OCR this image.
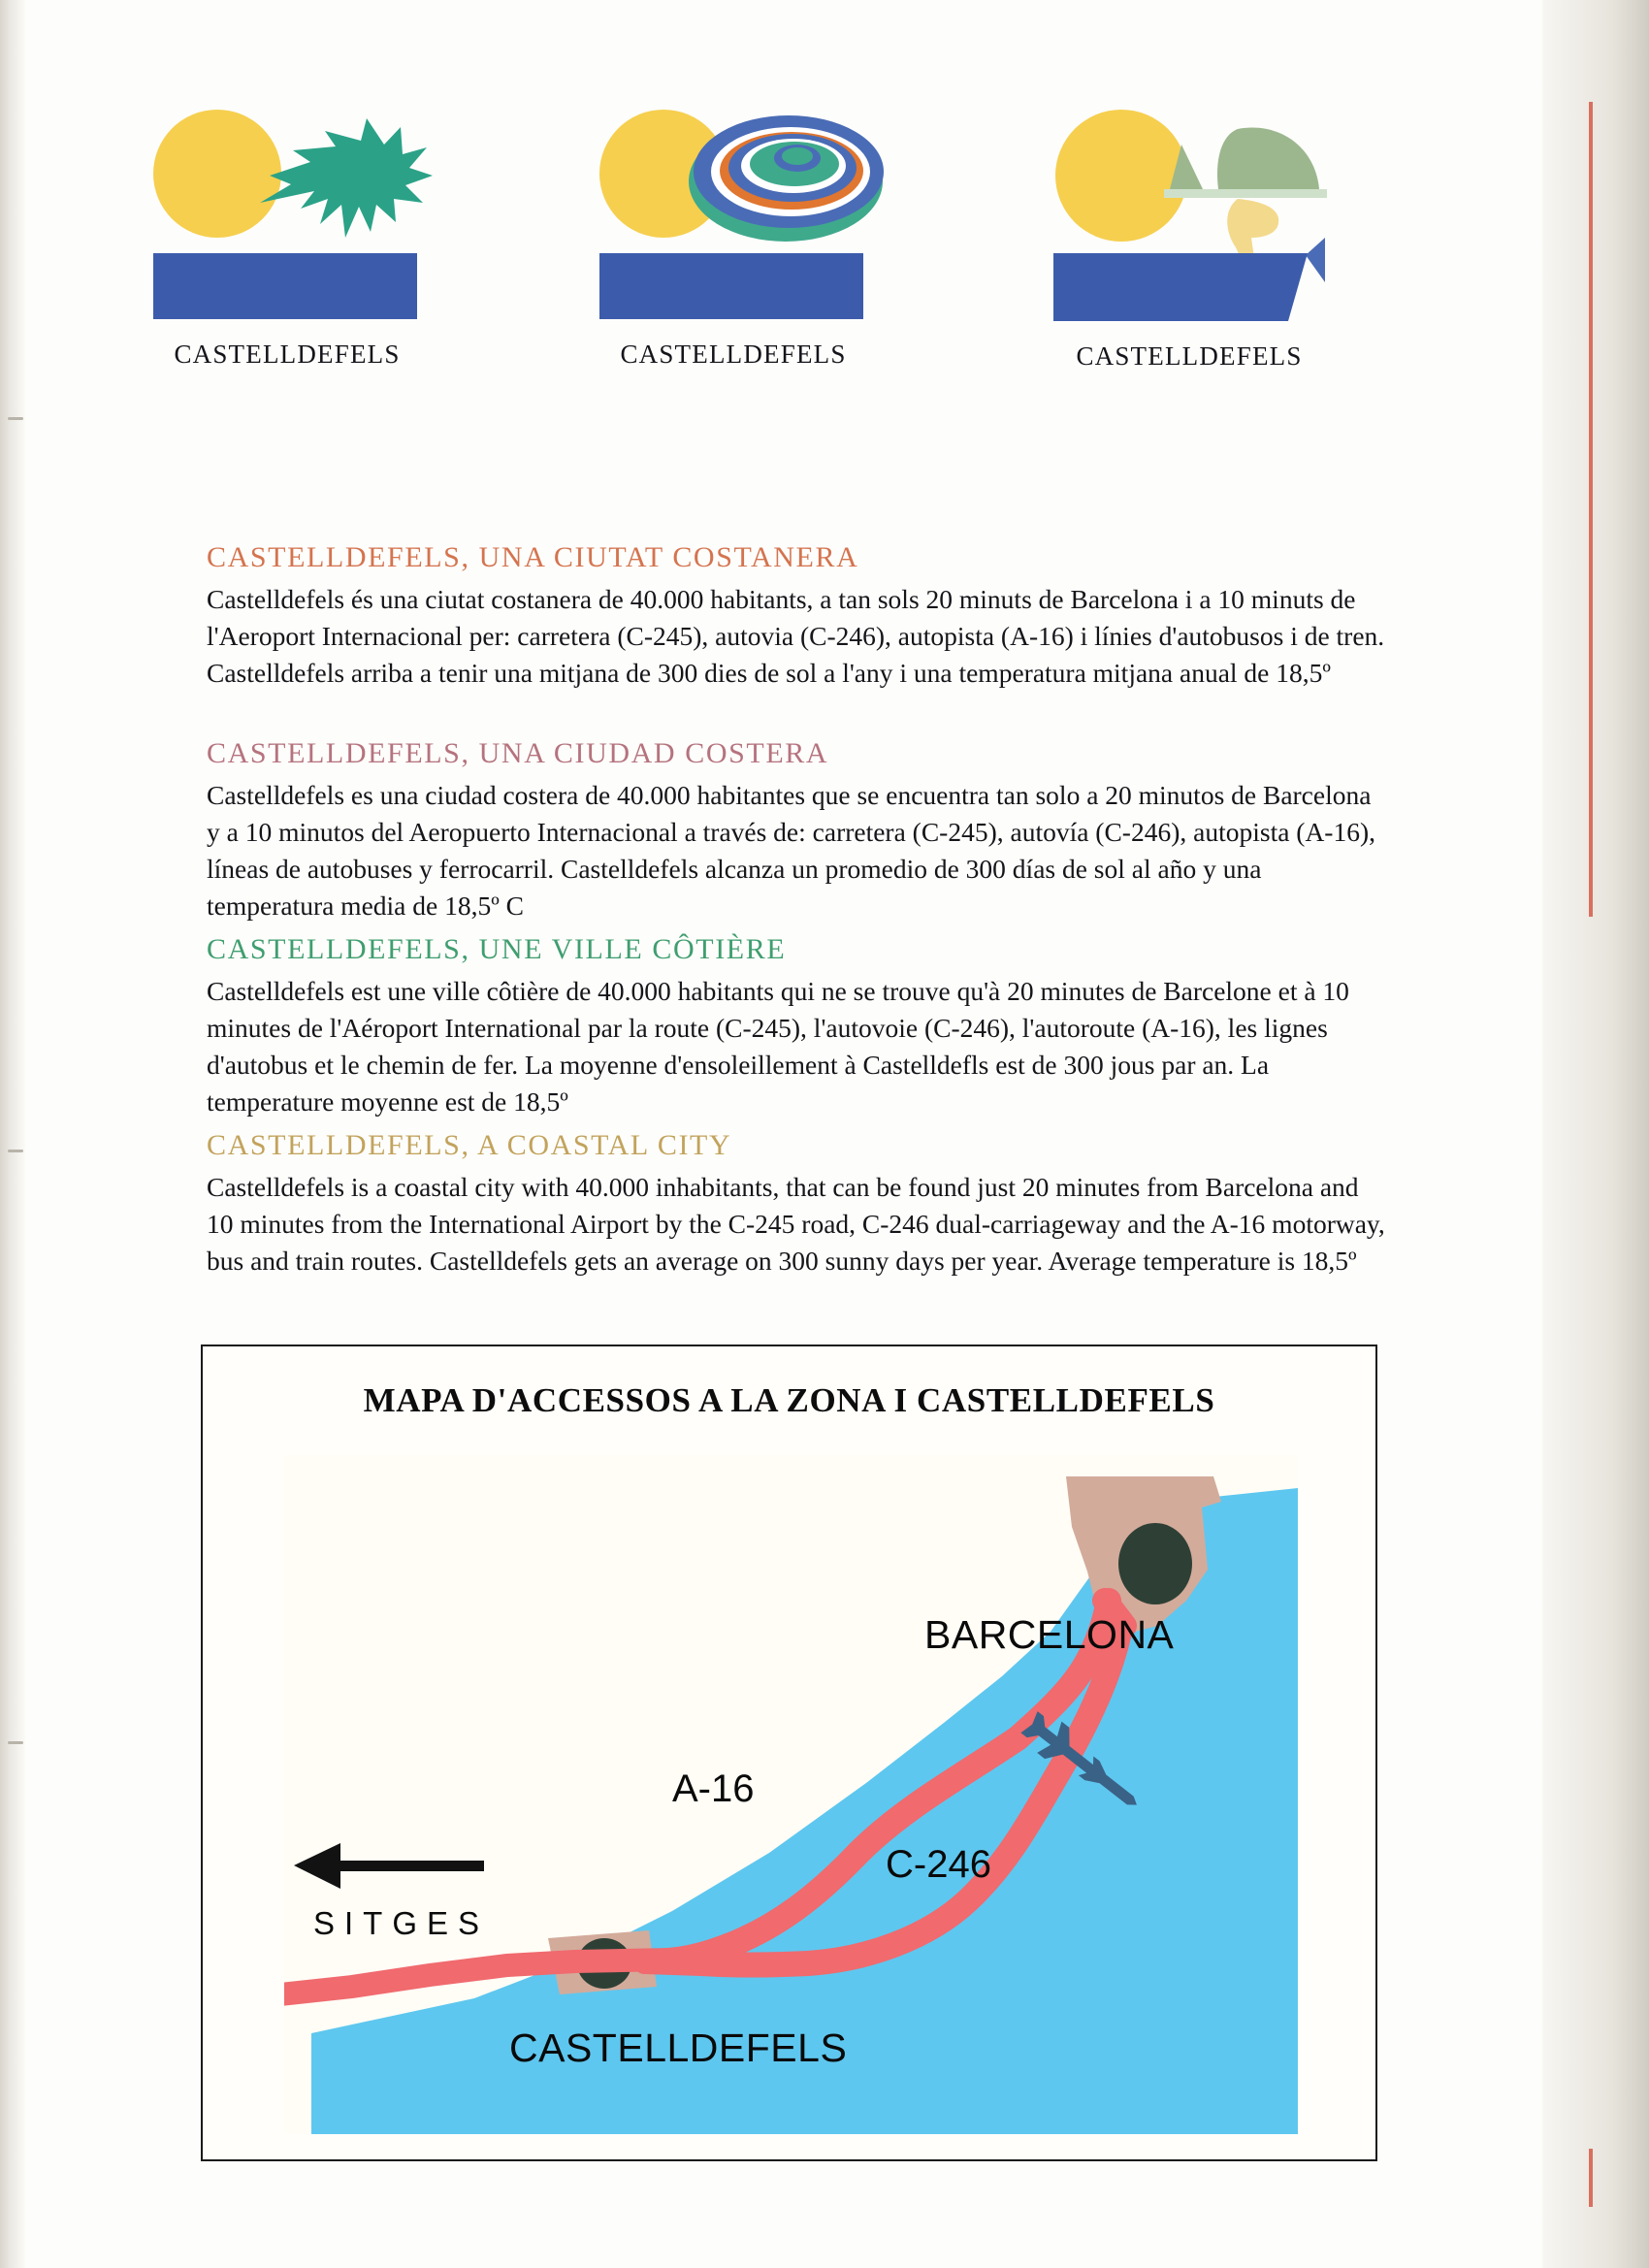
CASTELLDEFELS	CASTELLDEFELS	CASTELLDEFELS

CASTELLDEFELS, UNA CIUTAT COSTANERA

Castelldefels és una ciutat costanera de 40.000 habitants, a tan sols 20 minuts de Barcelona i a 10 minuts de l'Aeroport Internacional per: carretera (C-245), autovia (C-246), autopista (A-16) i línies d'autobusos i de tren. Castelldefels arriba a tenir una mitjana de 300 dies de sol a l'any i una temperatura mitjana anual de 18,5º

CASTELLDEFELS, UNA CIUDAD COSTERA

Castelldefels es una ciudad costera de 40.000 habitantes que se encuentra tan solo a 20 minutos de Barcelona y a 10 minutos del Aeropuerto Internacional a través de: carretera (C-245), autovía (C-246), autopista (A-16), líneas de autobuses y ferrocarril. Castelldefels alcanza un promedio de 300 días de sol al año y una temperatura media de 18,5º C

CASTELLDEFELS, UNE VILLE CÔTIÈRE

Castelldefels est une ville côtière de 40.000 habitants qui ne se trouve qu'à 20 minutes de Barcelone et à 10 minutes de l'Aéroport International par la route (C-245), l'autovoie (C-246), l'autoroute (A-16), les lignes d'autobus et le chemin de fer. La moyenne d'ensoleillement à Castelldefls est de 300 jous par an. La temperature moyenne est de 18,5º

CASTELLDEFELS, A COASTAL CITY

Castelldefels is a coastal city with 40.000 inhabitants, that can be found just 20 minutes from Barcelona and 10 minutes from the International Airport by the C-245 road, C-246 dual-carriageway and the A-16 motorway, bus and train routes. Castelldefels gets an average on 300 sunny days per year. Average temperature is 18,5º

MAPA D'ACCESSOS A LA ZONA I CASTELLDEFELS
BARCELONA
CASTELLDEFELS
SITGES
A-16
C-246
